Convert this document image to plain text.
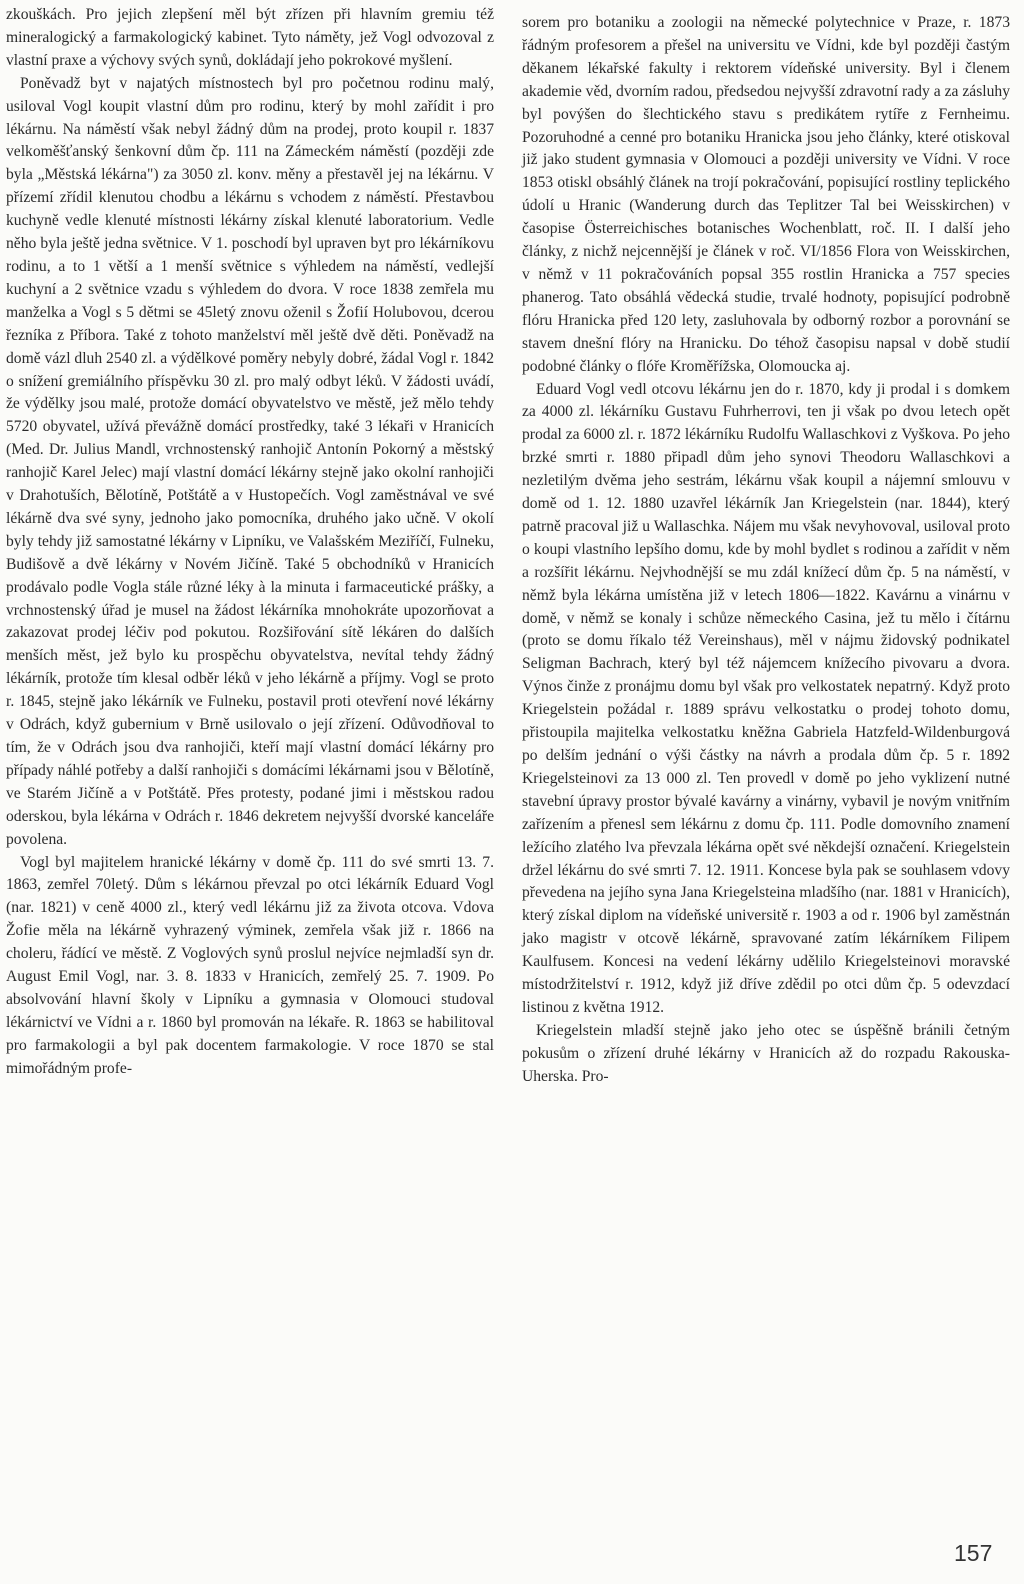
zkouškách. Pro jejich zlepšení měl být zřízen při hlavním gremiu též mineralogický a farmakologický kabinet. Tyto náměty, jež Vogl odvozoval z vlastní praxe a výchovy svých synů, dokládají jeho pokrokové myšlení.

Poněvadž byt v najatých místnostech byl pro početnou rodinu malý, usiloval Vogl koupit vlastní dům pro rodinu, který by mohl zařídit i pro lékárnu. Na náměstí však nebyl žádný dům na prodej, proto koupil r. 1837 velkoměšťanský šenkovní dům čp. 111 na Zámeckém náměstí (později zde byla „Městská lékárna") za 3050 zl. konv. měny a přestavěl jej na lékárnu. V přízemí zřídil klenutou chodbu a lékárnu s vchodem z náměstí. Přestavbou kuchyně vedle klenuté místnosti lékárny získal klenuté laboratorium. Vedle něho byla ještě jedna světnice. V 1. poschodí byl upraven byt pro lékárníkovu rodinu, a to 1 větší a 1 menší světnice s výhledem na náměstí, vedlejší kuchyní a 2 světnice vzadu s výhledem do dvora. V roce 1838 zemřela mu manželka a Vogl s 5 dětmi se 45letý znovu oženil s Žofií Holubovou, dcerou řezníka z Příbora. Také z tohoto manželství měl ještě dvě děti. Poněvadž na domě vázl dluh 2540 zl. a výdělkové poměry nebyly dobré, žádal Vogl r. 1842 o snížení gremiálního příspěvku 30 zl. pro malý odbyt léků. V žádosti uvádí, že výdělky jsou malé, protože domácí obyvatelstvo ve městě, jež mělo tehdy 5720 obyvatel, užívá převážně domácí prostředky, také 3 lékaři v Hranicích (Med. Dr. Julius Mandl, vrchnostenský ranhojič Antonín Pokorný a městský ranhojič Karel Jelec) mají vlastní domácí lékárny stejně jako okolní ranhojiči v Drahotuších, Bělotíně, Potštátě a v Hustopečích. Vogl zaměstnával ve své lékárně dva své syny, jednoho jako pomocníka, druhého jako učně. V okolí byly tehdy již samostatné lékárny v Lipníku, ve Valašském Meziříčí, Fulneku, Budišově a dvě lékárny v Novém Jičíně. Také 5 obchodníků v Hranicích prodávalo podle Vogla stále různé léky à la minuta i farmaceutické prášky, a vrchnostenský úřad je musel na žádost lékárníka mnohokráte upozorňovat a zakazovat prodej léčiv pod pokutou. Rozšiřování sítě lékáren do dalších menších měst, jež bylo ku prospěchu obyvatelstva, nevítal tehdy žádný lékárník, protože tím klesal odběr léků v jeho lékárně a příjmy. Vogl se proto r. 1845, stejně jako lékárník ve Fulneku, postavil proti otevření nové lékárny v Odrách, když gubernium v Brně usilovalo o její zřízení. Odůvodňoval to tím, že v Odrách jsou dva ranhojiči, kteří mají vlastní domácí lékárny pro případy náhlé potřeby a další ranhojiči s domácími lékárnami jsou v Bělotíně, ve Starém Jičíně a v Potštátě. Přes protesty, podané jimi i městskou radou oderskou, byla lékárna v Odrách r. 1846 dekretem nejvyšší dvorské kanceláře povolena.

Vogl byl majitelem hranické lékárny v domě čp. 111 do své smrti 13. 7. 1863, zemřel 70letý. Dům s lékárnou převzal po otci lékárník Eduard Vogl (nar. 1821) v ceně 4000 zl., který vedl lékárnu již za života otcova. Vdova Žofie měla na lékárně vyhrazený výminek, zemřela však již r. 1866 na choleru, řádící ve městě. Z Voglových synů proslul nejvíce nejmladší syn dr. August Emil Vogl, nar. 3. 8. 1833 v Hranicích, zemřelý 25. 7. 1909. Po absolvování hlavní školy v Lipníku a gymnasia v Olomouci studoval lékárnictví ve Vídni a r. 1860 byl promován na lékaře. R. 1863 se habilitoval pro farmakologii a byl pak docentem farmakologie. V roce 1870 se stal mimořádným profe-

sorem pro botaniku a zoologii na německé polytechnice v Praze, r. 1873 řádným profesorem a přešel na universitu ve Vídni, kde byl později častým děkanem lékařské fakulty i rektorem vídeňské university. Byl i členem akademie věd, dvorním radou, předsedou nejvyšší zdravotní rady a za zásluhy byl povýšen do šlechtického stavu s predikátem rytíře z Fernheimu. Pozoruhodné a cenné pro botaniku Hranicka jsou jeho články, které otiskoval již jako student gymnasia v Olomouci a později university ve Vídni. V roce 1853 otiskl obsáhlý článek na trojí pokračování, popisující rostliny teplického údolí u Hranic (Wanderung durch das Teplitzer Tal bei Weisskirchen) v časopise Österreichisches botanisches Wochenblatt, roč. II. I další jeho články, z nichž nejcennější je článek v roč. VI/1856 Flora von Weisskirchen, v němž v 11 pokračováních popsal 355 rostlin Hranicka a 757 species phanerog. Tato obsáhlá vědecká studie, trvalé hodnoty, popisující podrobně flóru Hranicka před 120 lety, zasluhovala by odborný rozbor a porovnání se stavem dnešní flóry na Hranicku. Do téhož časopisu napsal v době studií podobné články o flóře Kroměřížska, Olomoucka aj.

Eduard Vogl vedl otcovu lékárnu jen do r. 1870, kdy ji prodal i s domkem za 4000 zl. lékárníku Gustavu Fuhrherrovi, ten ji však po dvou letech opět prodal za 6000 zl. r. 1872 lékárníku Rudolfu Wallaschkovi z Vyškova. Po jeho brzké smrti r. 1880 připadl dům jeho synovi Theodoru Wallaschkovi a nezletilým dvěma jeho sestrám, lékárnu však koupil a nájemní smlouvu v domě od 1. 12. 1880 uzavřel lékárník Jan Kriegelstein (nar. 1844), který patrně pracoval již u Wallaschka. Nájem mu však nevyhovoval, usiloval proto o koupi vlastního lepšího domu, kde by mohl bydlet s rodinou a zařídit v něm a rozšířit lékárnu. Nejvhodnější se mu zdál knížecí dům čp. 5 na náměstí, v němž byla lékárna umístěna již v letech 1806—1822. Kavárnu a vinárnu v domě, v němž se konaly i schůze německého Casina, jež tu mělo i čítárnu (proto se domu říkalo též Vereinshaus), měl v nájmu židovský podnikatel Seligman Bachrach, který byl též nájemcem knížecího pivovaru a dvora. Výnos činže z pronájmu domu byl však pro velkostatek nepatrný. Když proto Kriegelstein požádal r. 1889 správu velkostatku o prodej tohoto domu, přistoupila majitelka velkostatku kněžna Gabriela Hatzfeld-Wildenburgová po delším jednání o výši částky na návrh a prodala dům čp. 5 r. 1892 Kriegelsteinovi za 13 000 zl. Ten provedl v domě po jeho vyklizení nutné stavební úpravy prostor bývalé kavárny a vinárny, vybavil je novým vnitřním zařízením a přenesl sem lékárnu z domu čp. 111. Podle domovního znamení ležícího zlatého lva převzala lékárna opět své někdejší označení. Kriegelstein držel lékárnu do své smrti 7. 12. 1911. Koncese byla pak se souhlasem vdovy převedena na jejího syna Jana Kriegelsteina mladšího (nar. 1881 v Hranicích), který získal diplom na vídeňské universitě r. 1903 a od r. 1906 byl zaměstnán jako magistr v otcově lékárně, spravované zatím lékárníkem Filipem Kaulfusem. Koncesi na vedení lékárny udělilo Kriegelsteinovi moravské místodržitelství r. 1912, když již dříve zdědil po otci dům čp. 5 odevzdací listinou z května 1912.

Kriegelstein mladší stejně jako jeho otec se úspěšně bránili četným pokusům o zřízení druhé lékárny v Hranicích až do rozpadu Rakouska-Uherska. Pro-

157
